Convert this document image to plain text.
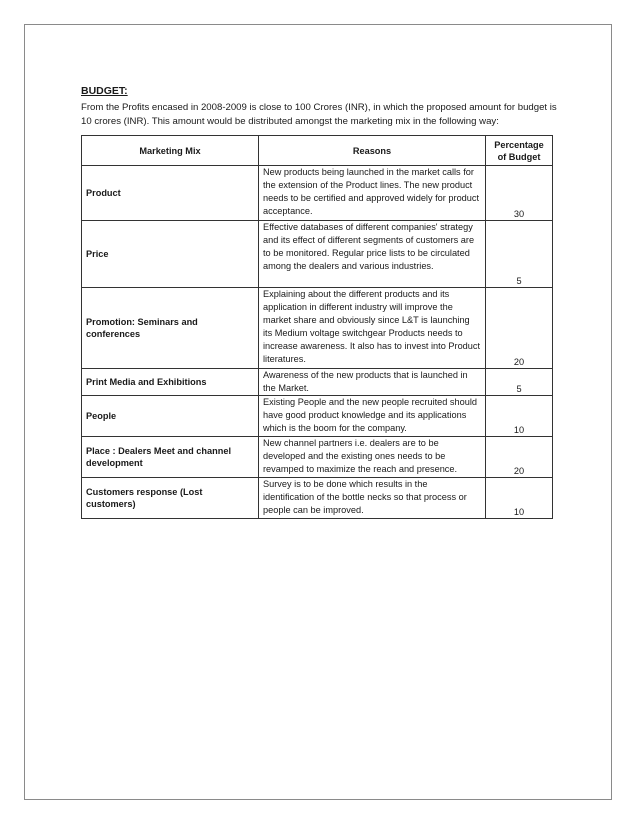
BUDGET:

From the Profits encased in 2008-2009 is close to 100 Crores (INR), in which the proposed amount for budget is 10 crores (INR). This amount would be distributed amongst the marketing mix in the following way:

Marketing Mix	Reasons	Percentage of Budget
Product	New products being launched in the market calls for the extension of the Product lines. The new product needs to be certified and approved widely for product acceptance.	30
Price	Effective databases of different companies' strategy and its effect of different segments of customers are to be monitored. Regular price lists to be circulated among the dealers and various industries.	5
Promotion: Seminars and conferences	Explaining about the different products and its application in different industry will improve the market share and obviously since L&T is launching its Medium voltage switchgear Products needs to increase awareness. It also has to invest into Product literatures.	20
Print Media and Exhibitions	Awareness of the new products that is launched in the Market.	5
People	Existing People and the new people recruited should have good product knowledge and its applications which is the boom for the company.	10
Place : Dealers Meet and channel development	New channel partners i.e. dealers are to be developed and the existing ones needs to be revamped to maximize the reach and presence.	20
Customers response (Lost customers)	Survey is to be done which results in the identification of the bottle necks so that process or people can be improved.	10
